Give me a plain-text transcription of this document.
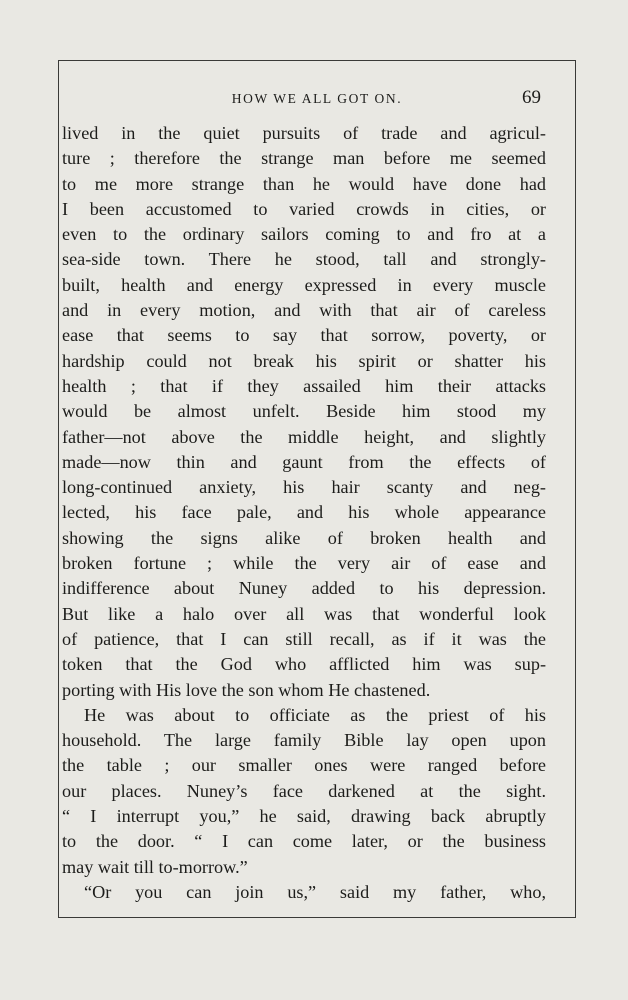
HOW WE ALL GOT ON.	69
lived in the quiet pursuits of trade and agricul-
ture ; therefore the strange man before me seemed
to me more strange than he would have done had
I been accustomed to varied crowds in cities, or
even to the ordinary sailors coming to and fro at a
sea-side town. There he stood, tall and strongly-
built, health and energy expressed in every muscle
and in every motion, and with that air of careless
ease that seems to say that sorrow, poverty, or
hardship could not break his spirit or shatter his
health ; that if they assailed him their attacks
would be almost unfelt. Beside him stood my
father—not above the middle height, and slightly
made—now thin and gaunt from the effects of
long-continued anxiety, his hair scanty and neg-
lected, his face pale, and his whole appearance
showing the signs alike of broken health and
broken fortune ; while the very air of ease and
indifference about Nuney added to his depression.
But like a halo over all was that wonderful look
of patience, that I can still recall, as if it was the
token that the God who afflicted him was sup-
porting with His love the son whom He chastened.
He was about to officiate as the priest of his
household. The large family Bible lay open upon
the table ; our smaller ones were ranged before
our places. Nuney’s face darkened at the sight.
“ I interrupt you,” he said, drawing back abruptly
to the door. “ I can come later, or the business
may wait till to-morrow.”
“Or you can join us,” said my father, who,
